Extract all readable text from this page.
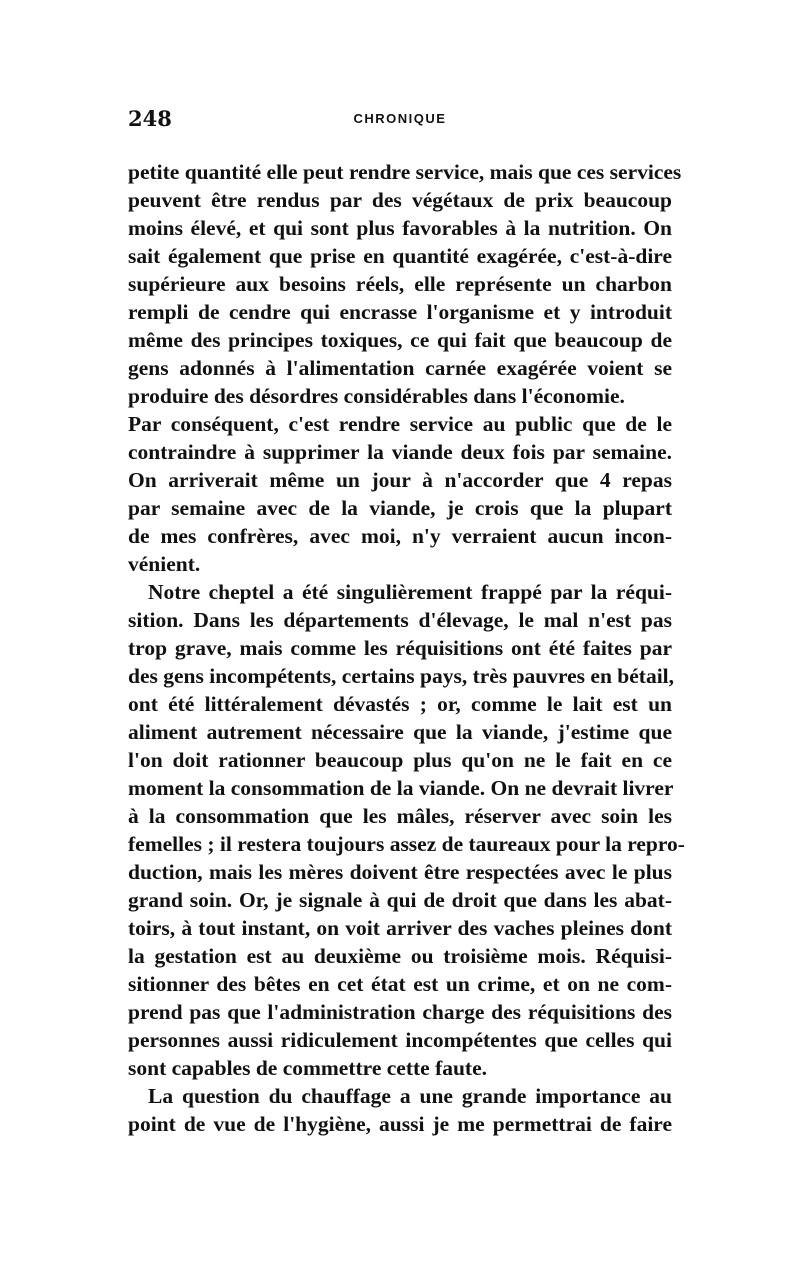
248	CHRONIQUE
petite quantité elle peut rendre service, mais que ces services
peuvent être rendus par des végétaux de prix beaucoup
moins élevé, et qui sont plus favorables à la nutrition. On
sait également que prise en quantité exagérée, c'est-à-dire
supérieure aux besoins réels, elle représente un charbon
rempli de cendre qui encrasse l'organisme et y introduit
même des principes toxiques, ce qui fait que beaucoup de
gens adonnés à l'alimentation carnée exagérée voient se
produire des désordres considérables dans l'économie.
Par conséquent, c'est rendre service au public que de le
contraindre à supprimer la viande deux fois par semaine.
On arriverait même un jour à n'accorder que 4 repas
par semaine avec de la viande, je crois que la plupart
de mes confrères, avec moi, n'y verraient aucun incon-
vénient.
Notre cheptel a été singulièrement frappé par la réqui-
sition. Dans les départements d'élevage, le mal n'est pas
trop grave, mais comme les réquisitions ont été faites par
des gens incompétents, certains pays, très pauvres en bétail,
ont été littéralement dévastés ; or, comme le lait est un
aliment autrement nécessaire que la viande, j'estime que
l'on doit rationner beaucoup plus qu'on ne le fait en ce
moment la consommation de la viande. On ne devrait livrer
à la consommation que les mâles, réserver avec soin les
femelles ; il restera toujours assez de taureaux pour la repro-
duction, mais les mères doivent être respectées avec le plus
grand soin. Or, je signale à qui de droit que dans les abat-
toirs, à tout instant, on voit arriver des vaches pleines dont
la gestation est au deuxième ou troisième mois. Réquisi-
sitionner des bêtes en cet état est un crime, et on ne com-
prend pas que l'administration charge des réquisitions des
personnes aussi ridiculement incompétentes que celles qui
sont capables de commettre cette faute.
La question du chauffage a une grande importance au
point de vue de l'hygiène, aussi je me permettrai de faire
